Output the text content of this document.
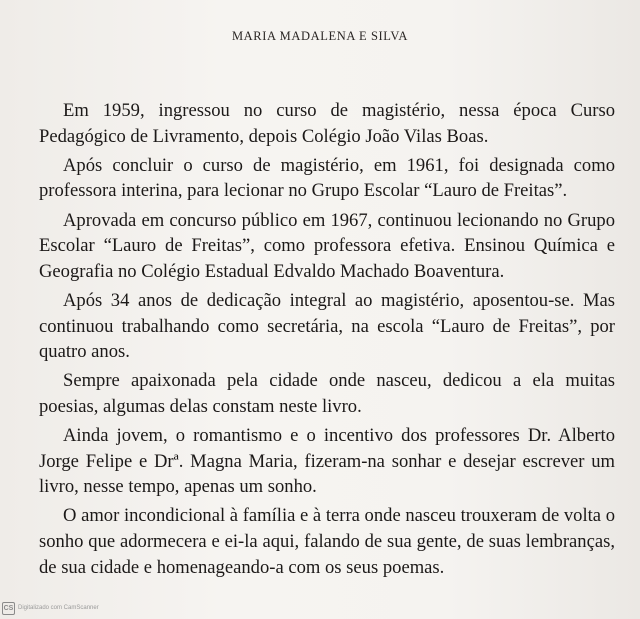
MARIA MADALENA E SILVA

Em 1959, ingressou no curso de magistério, nessa época Curso Pedagógico de Livramento, depois Colégio João Vilas Boas.

Após concluir o curso de magistério, em 1961, foi designada como professora interina, para lecionar no Grupo Escolar “Lauro de Freitas”.

Aprovada em concurso público em 1967, continuou lecionando no Grupo Escolar “Lauro de Freitas”, como professora efetiva. Ensinou Química e Geografia no Colégio Estadual Edvaldo Machado Boaventura.

Após 34 anos de dedicação integral ao magistério, aposentou-se. Mas continuou trabalhando como secretária, na escola “Lauro de Freitas”, por quatro anos.

Sempre apaixonada pela cidade onde nasceu, dedicou a ela muitas poesias, algumas delas constam neste livro.

Ainda jovem, o romantismo e o incentivo dos professores Dr. Alberto Jorge Felipe e Drª. Magna Maria, fizeram-na sonhar e desejar escrever um livro, nesse tempo, apenas um sonho.

O amor incondicional à família e à terra onde nasceu trouxeram de volta o sonho que adormecera e ei-la aqui, falando de sua gente, de suas lembranças, de sua cidade e homenageando-a com os seus poemas.

CS Digitalizado com CamScanner
